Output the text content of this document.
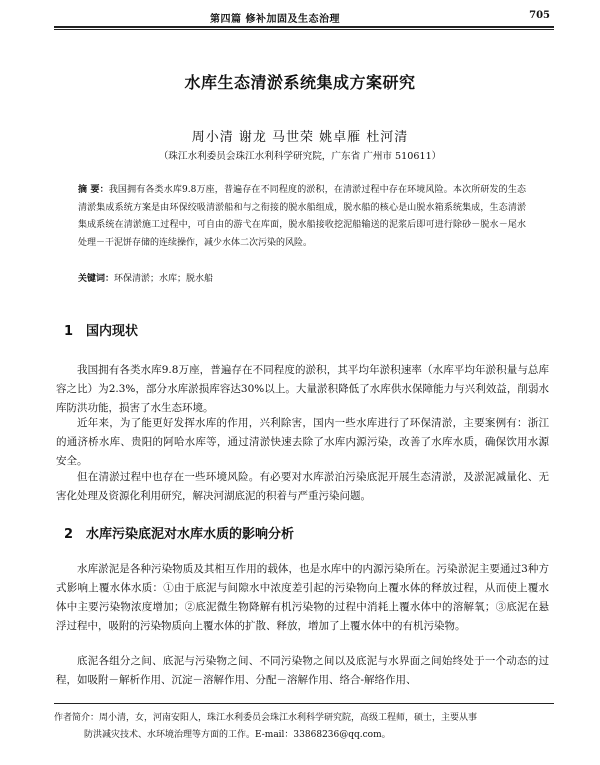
第四篇 修补加固及生态治理	705
水库生态清淤系统集成方案研究
周小清 谢龙 马世荣 姚卓雁 杜河清
（珠江水利委员会珠江水利科学研究院，广东省 广州市 510611）
摘 要：我国拥有各类水库9.8万座，普遍存在不同程度的淤积，在清淤过程中存在环境风险。本次所研发的生态清淤集成系统方案是由环保绞吸清淤船和与之衔接的脱水船组成，脱水船的核心是山脱水箱系统集成，生态清淤集成系统在清淤施工过程中，可自由的游弋在库面，脱水船接收挖泥船输送的泥浆后即可进行除砂－脱水－尾水处理－干泥饼存储的连续操作，减少水体二次污染的风险。
关键词：环保清淤；水库；脱水船
1 国内现状
我国拥有各类水库9.8万座，普遍存在不同程度的淤积，其平均年淤积速率（水库平均年淤积量与总库容之比）为2.3%，部分水库淤损库容达30%以上。大量淤积降低了水库供水保障能力与兴利效益，削弱水库防洪功能，损害了水生态环境。
近年来，为了能更好发挥水库的作用，兴利除害，国内一些水库进行了环保清淤，主要案例有：浙江的通济桥水库、贵阳的阿哈水库等，通过清淤快速去除了水库内源污染，改善了水库水质，确保饮用水源安全。
但在清淤过程中也存在一些环境风险。有必要对水库淤泊污染底泥开展生态清淤，及淤泥减量化、无害化处理及资源化利用研究，解决河湖底泥的积着与严重污染问题。
2 水库污染底泥对水库水质的影响分析
水库淤泥是各种污染物质及其相互作用的载体，也是水库中的内源污染所在。污染淤泥主要通过3种方式影响上覆水体水质：①由于底泥与间隙水中浓度差引起的污染物向上覆水体的释放过程，从而使上覆水体中主要污染物浓度增加；②底泥微生物降解有机污染物的过程中消耗上覆水体中的溶解氧；③底泥在悬浮过程中，吸附的污染物质向上覆水体的扩散、释放，增加了上覆水体中的有机污染物。
底泥各组分之间、底泥与污染物之间、不同污染物之间以及底泥与水界面之间始终处于一个动态的过程，如吸附－解析作用、沉淀－溶解作用、分配－溶解作用、络合-解络作用、
作者简介：周小清，女，河南安阳人，珠江水利委员会珠江水利科学研究院，高级工程师，硕士，主要从事
防洪减灾技术、水环境治理等方面的工作。E-mail：33868236@qq.com。
